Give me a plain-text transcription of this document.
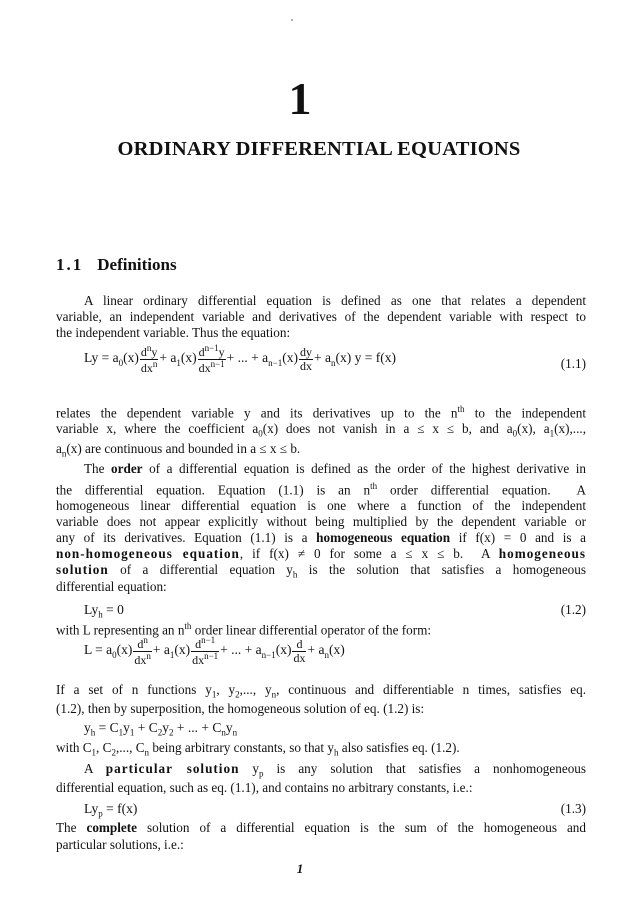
1
ORDINARY DIFFERENTIAL EQUATIONS
1.1 Definitions
A linear ordinary differential equation is defined as one that relates a dependent
variable, an independent variable and derivatives of the dependent variable with respect to
the independent variable. Thus the equation:
$Ly = a_0(x) \frac{d^ny}{dx^n} + a_1(x) \frac{d^{n-1}y}{dx^{n-1}}$ + ... + $a_{n-1}(x) \frac{dy}{dx} + a_n(x) y = f(x)$	(1.1)
relates the dependent variable y and its derivatives up to the $n^{th}$ to the independent
variable x, where the coefficient $a_0(x)$ does not vanish in a ≤ x ≤ b, and $a_0(x)$, $a_1(x)$,...,
$a_n(x)$ are continuous and bounded in a ≤ x ≤ b.
The order of a differential equation is defined as the order of the highest derivative in
the differential equation. Equation (1.1) is an $n^{th}$ order differential equation.  A
homogeneous linear differential equation is one where a function of the independent
variable does not appear explicitly without being multiplied by the dependent variable or
any of its derivatives. Equation (1.1) is a homogeneous equation if f(x) = 0 and is a
non-homogeneous equation, if f(x) ≠ 0 for some a ≤ x ≤ b.  A homogeneous
solution of a differential equation $y_h$ is the solution that satisfies a homogeneous
differential equation:
$Ly_h = 0$	(1.2)
with L representing an $n^{th}$ order linear differential operator of the form:
$L = a_0(x) \frac{d^n}{dx^n} + a_1(x) \frac{d^{n-1}}{dx^{n-1}}$ + ... + $a_{n-1}(x) \frac{d}{dx} + a_n(x)$
If a set of n functions $y_1$, $y_2$,..., $y_n$, continuous and differentiable n times, satisfies eq.
(1.2), then by superposition, the homogeneous solution of eq. (1.2) is:
$y_h = C_1y_1 + C_2y_2$ + ... + $C_ny_n$
with $C_1$, $C_2$,..., $C_n$ being arbitrary constants, so that $y_h$ also satisfies eq. (1.2).
A particular solution $y_p$ is any solution that satisfies a nonhomogeneous
differential equation, such as eq. (1.1), and contains no arbitrary constants, i.e.:
$Ly_p = f(x)$	(1.3)
The complete solution of a differential equation is the sum of the homogeneous and
particular solutions, i.e.:
1
